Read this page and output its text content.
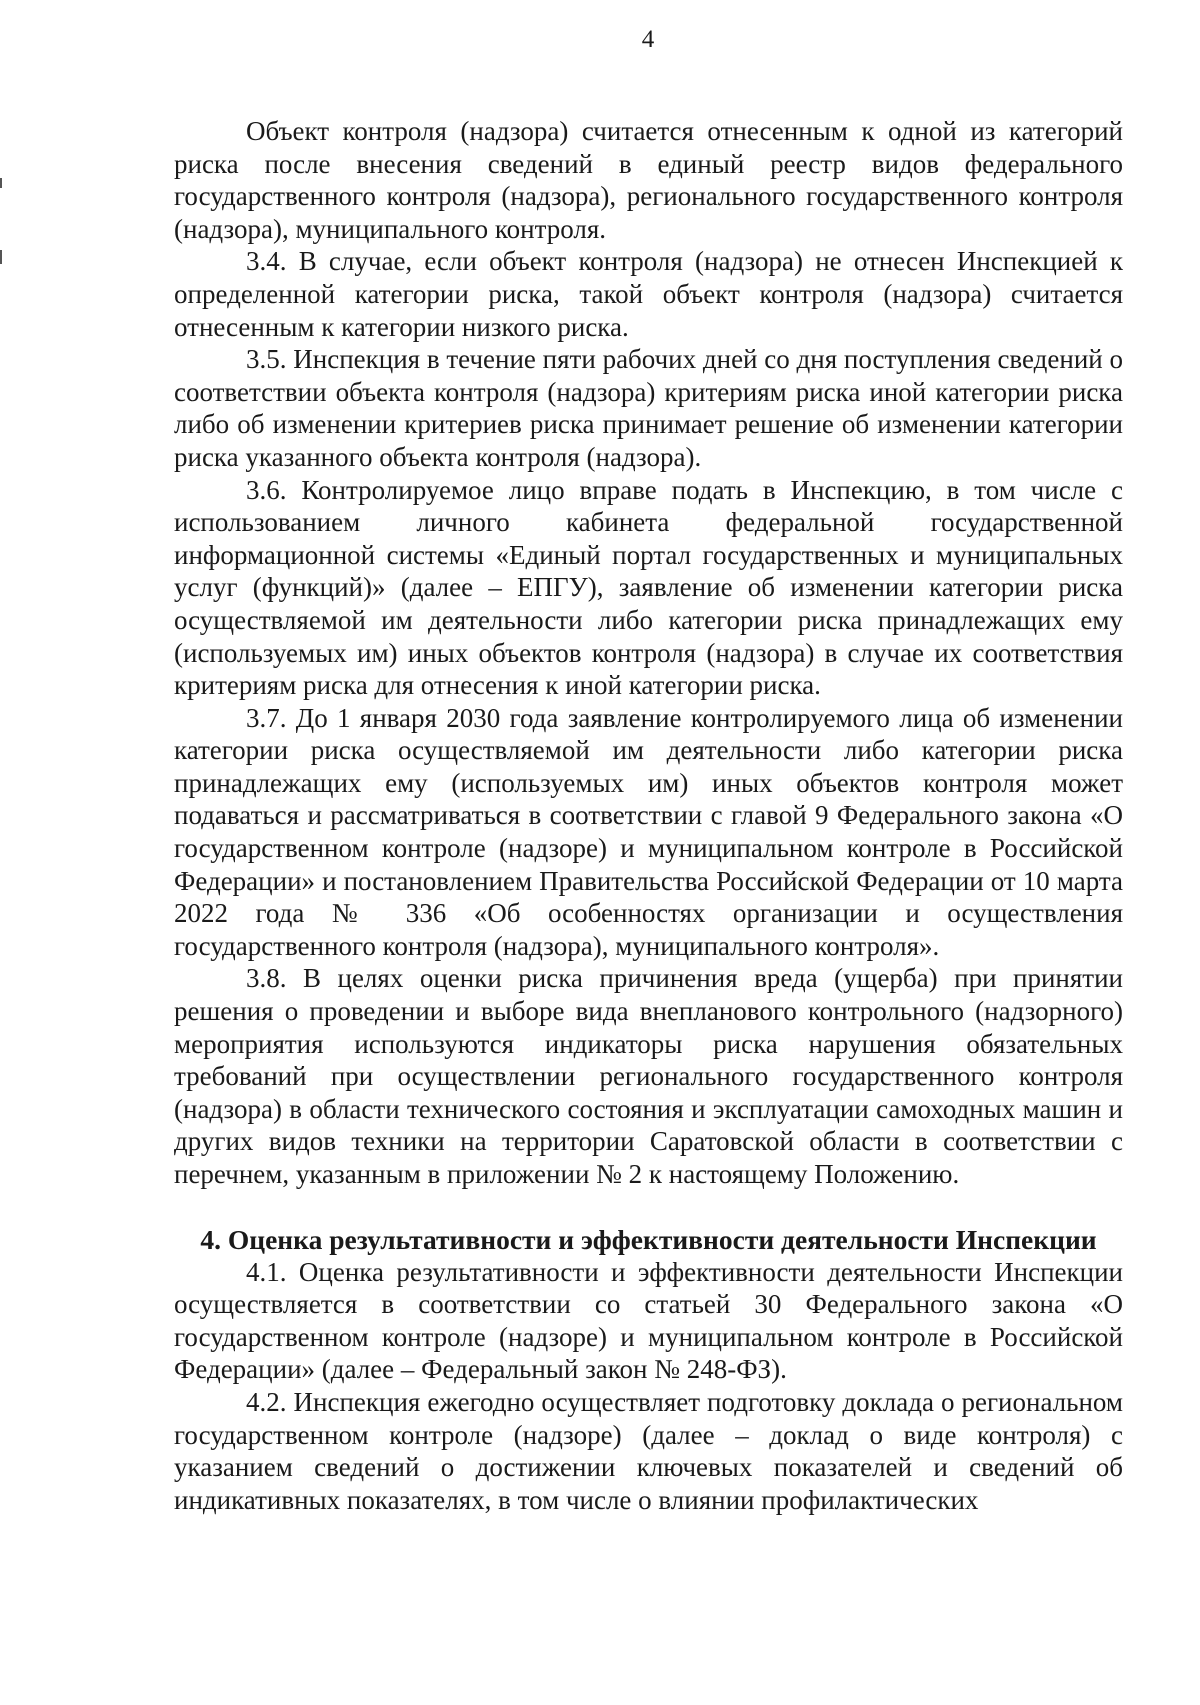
4

Объект контроля (надзора) считается отнесенным к одной из категорий риска после внесения сведений в единый реестр видов федерального государственного контроля (надзора), регионального государственного контроля (надзора), муниципального контроля.

3.4. В случае, если объект контроля (надзора) не отнесен Инспекцией к определенной категории риска, такой объект контроля (надзора) считается отнесенным к категории низкого риска.

3.5. Инспекция в течение пяти рабочих дней со дня поступления сведений о соответствии объекта контроля (надзора) критериям риска иной категории риска либо об изменении критериев риска принимает решение об изменении категории риска указанного объекта контроля (надзора).

3.6. Контролируемое лицо вправе подать в Инспекцию, в том числе с использованием личного кабинета федеральной государственной информационной системы «Единый портал государственных и муниципальных услуг (функций)» (далее – ЕПГУ), заявление об изменении категории риска осуществляемой им деятельности либо категории риска принадлежащих ему (используемых им) иных объектов контроля (надзора) в случае их соответствия критериям риска для отнесения к иной категории риска.

3.7. До 1 января 2030 года заявление контролируемого лица об изменении категории риска осуществляемой им деятельности либо категории риска принадлежащих ему (используемых им) иных объектов контроля может подаваться и рассматриваться в соответствии с главой 9 Федерального закона «О государственном контроле (надзоре) и муниципальном контроле в Российской Федерации» и постановлением Правительства Российской Федерации от 10 марта 2022 года № 336 «Об особенностях организации и осуществления государственного контроля (надзора), муниципального контроля».

3.8. В целях оценки риска причинения вреда (ущерба) при принятии решения о проведении и выборе вида внепланового контрольного (надзорного) мероприятия используются индикаторы риска нарушения обязательных требований при осуществлении регионального государственного контроля (надзора) в области технического состояния и эксплуатации самоходных машин и других видов техники на территории Саратовской области в соответствии с перечнем, указанным в приложении № 2 к настоящему Положению.

4. Оценка результативности и эффективности деятельности Инспекции

4.1. Оценка результативности и эффективности деятельности Инспекции осуществляется в соответствии со статьей 30 Федерального закона «О государственном контроле (надзоре) и муниципальном контроле в Российской Федерации» (далее – Федеральный закон № 248-ФЗ).

4.2. Инспекция ежегодно осуществляет подготовку доклада о региональном государственном контроле (надзоре) (далее – доклад о виде контроля) с указанием сведений о достижении ключевых показателей и сведений об индикативных показателях, в том числе о влиянии профилактических
